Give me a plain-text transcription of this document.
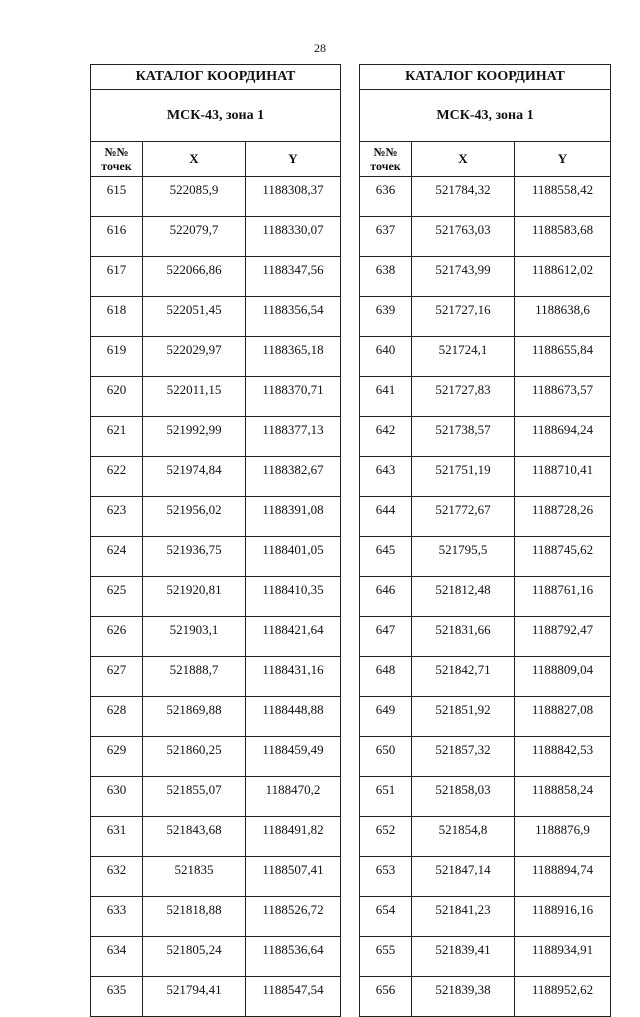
28
КАТАЛОГ КООРДИНАТ		
МСК-43, зона 1		
№№
точек	X	Y
615	522085,9	1188308,37
616	522079,7	1188330,07
617	522066,86	1188347,56
618	522051,45	1188356,54
619	522029,97	1188365,18
620	522011,15	1188370,71
621	521992,99	1188377,13
622	521974,84	1188382,67
623	521956,02	1188391,08
624	521936,75	1188401,05
625	521920,81	1188410,35
626	521903,1	1188421,64
627	521888,7	1188431,16
628	521869,88	1188448,88
629	521860,25	1188459,49
630	521855,07	1188470,2
631	521843,68	1188491,82
632	521835	1188507,41
633	521818,88	1188526,72
634	521805,24	1188536,64
635	521794,41	1188547,54
КАТАЛОГ КООРДИНАТ		
МСК-43, зона 1		
№№
точек	X	Y
636	521784,32	1188558,42
637	521763,03	1188583,68
638	521743,99	1188612,02
639	521727,16	1188638,6
640	521724,1	1188655,84
641	521727,83	1188673,57
642	521738,57	1188694,24
643	521751,19	1188710,41
644	521772,67	1188728,26
645	521795,5	1188745,62
646	521812,48	1188761,16
647	521831,66	1188792,47
648	521842,71	1188809,04
649	521851,92	1188827,08
650	521857,32	1188842,53
651	521858,03	1188858,24
652	521854,8	1188876,9
653	521847,14	1188894,74
654	521841,23	1188916,16
655	521839,41	1188934,91
656	521839,38	1188952,62
